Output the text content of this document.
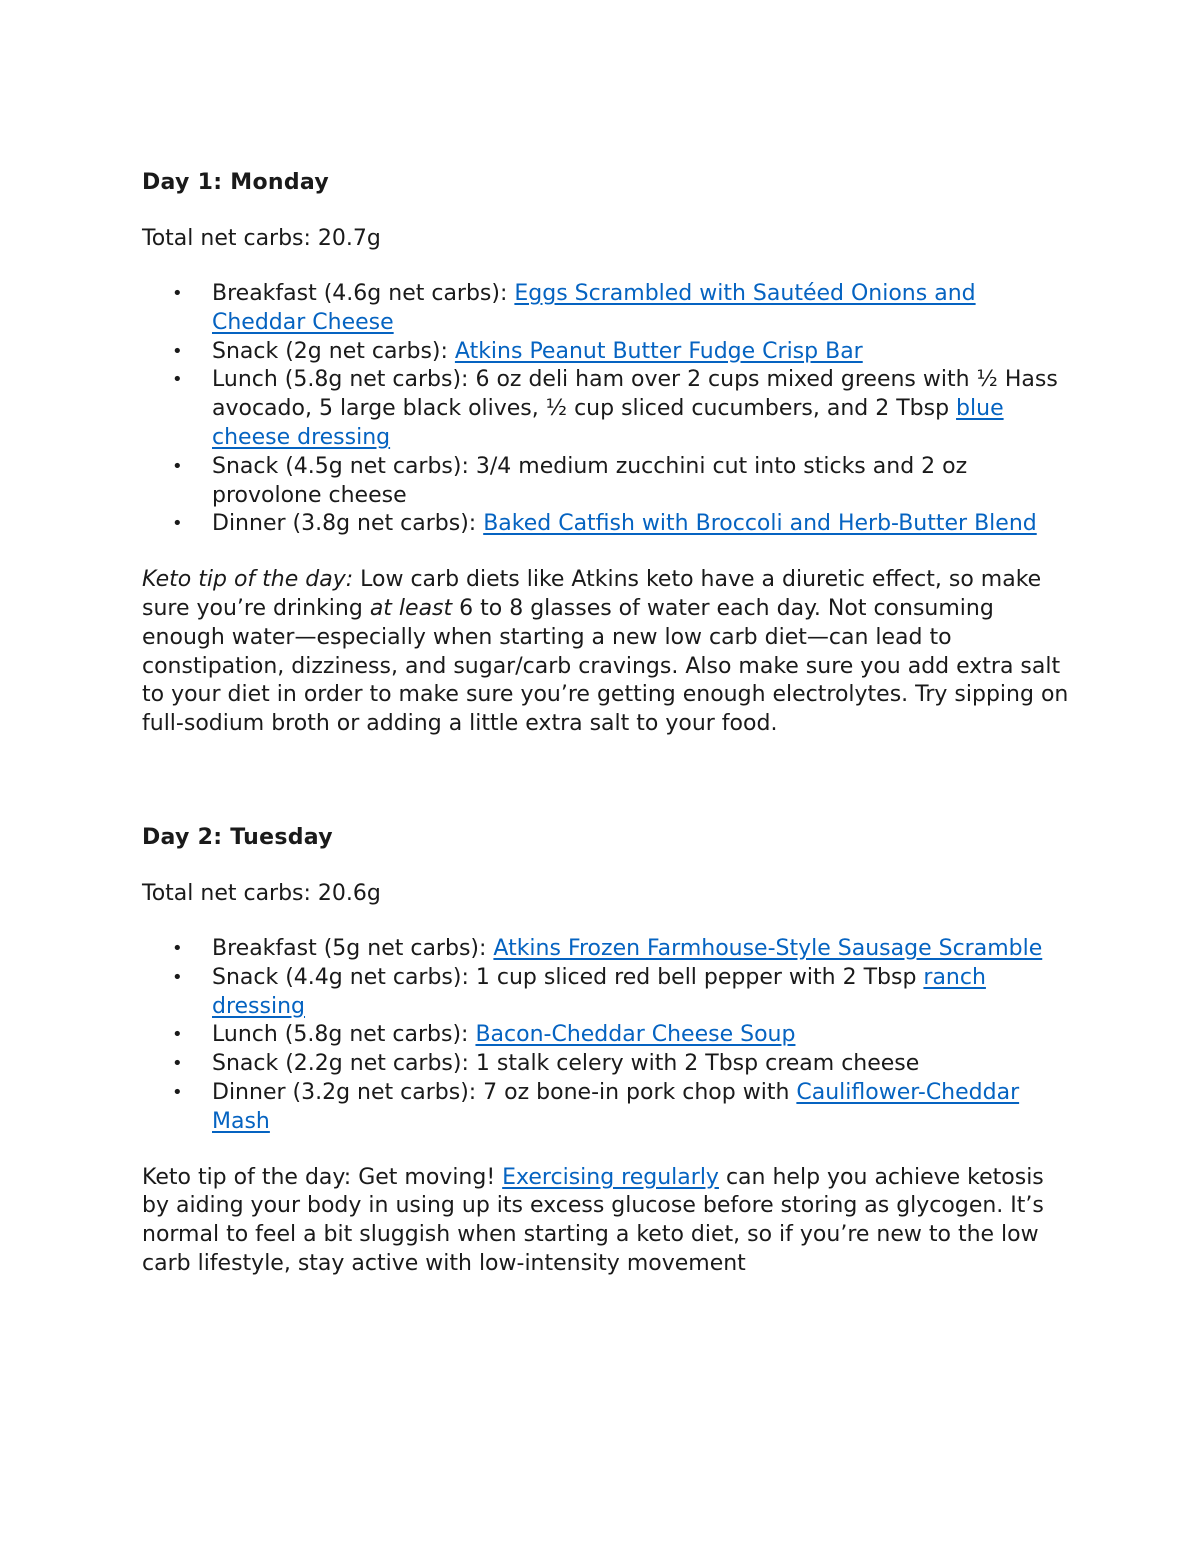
Day 1: Monday

Total net carbs: 20.7g

• Breakfast (4.6g net carbs): Eggs Scrambled with Sautéed Onions and Cheddar Cheese
• Snack (2g net carbs): Atkins Peanut Butter Fudge Crisp Bar
• Lunch (5.8g net carbs): 6 oz deli ham over 2 cups mixed greens with ½ Hass avocado, 5 large black olives, ½ cup sliced cucumbers, and 2 Tbsp blue cheese dressing
• Snack (4.5g net carbs): 3/4 medium zucchini cut into sticks and 2 oz provolone cheese
• Dinner (3.8g net carbs): Baked Catfish with Broccoli and Herb-Butter Blend

Keto tip of the day: Low carb diets like Atkins keto have a diuretic effect, so make sure you’re drinking at least 6 to 8 glasses of water each day. Not consuming enough water—especially when starting a new low carb diet—can lead to constipation, dizziness, and sugar/carb cravings. Also make sure you add extra salt to your diet in order to make sure you’re getting enough electrolytes. Try sipping on full-sodium broth or adding a little extra salt to your food.

Day 2: Tuesday

Total net carbs: 20.6g

• Breakfast (5g net carbs): Atkins Frozen Farmhouse-Style Sausage Scramble
• Snack (4.4g net carbs): 1 cup sliced red bell pepper with 2 Tbsp ranch dressing
• Lunch (5.8g net carbs): Bacon-Cheddar Cheese Soup
• Snack (2.2g net carbs): 1 stalk celery with 2 Tbsp cream cheese
• Dinner (3.2g net carbs): 7 oz bone-in pork chop with Cauliflower-Cheddar Mash

Keto tip of the day: Get moving! Exercising regularly can help you achieve ketosis by aiding your body in using up its excess glucose before storing as glycogen. It’s normal to feel a bit sluggish when starting a keto diet, so if you’re new to the low carb lifestyle, stay active with low-intensity movement
